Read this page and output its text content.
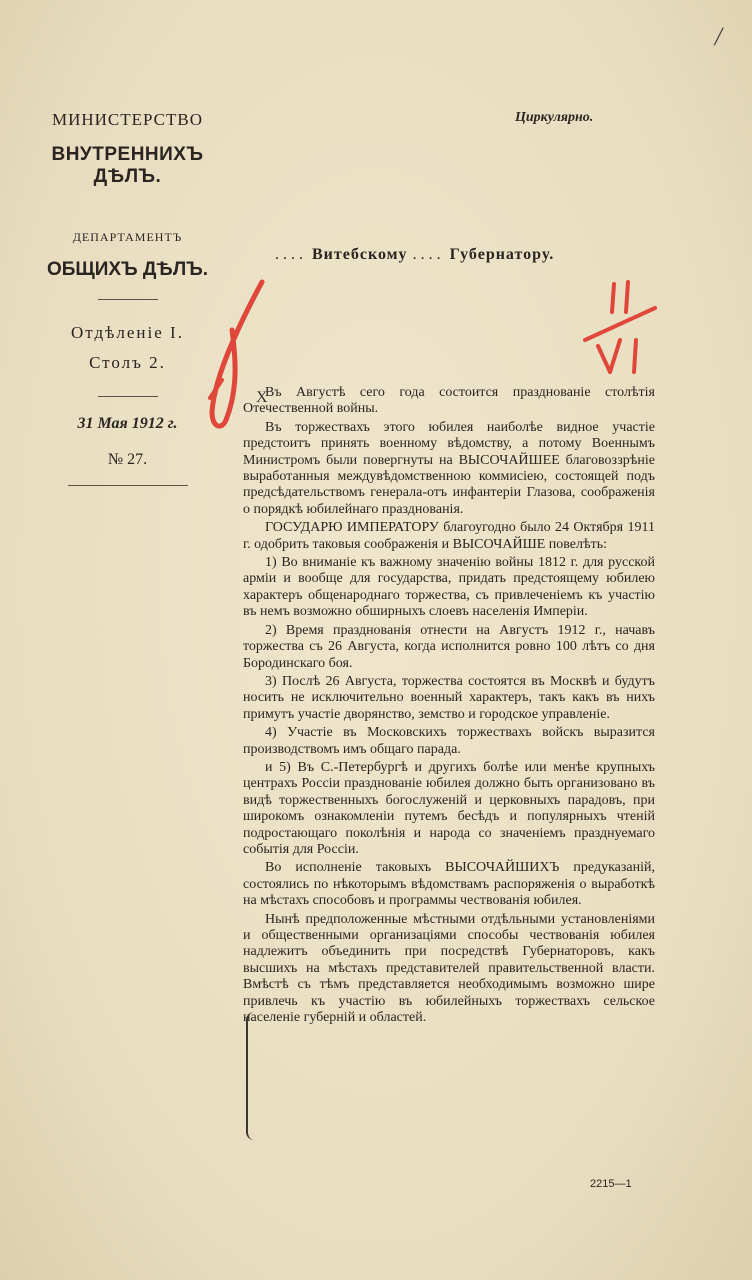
/
МИНИСТЕРСТВО
ВНУТРЕННИХЪ ДѢЛЪ.
ДЕПАРТАМЕНТЪ
ОБЩИХЪ ДѢЛЪ.
Отдѣленіе I.
Столъ 2.
31 Мая 1912 г.
№ 27.
Циркулярно.
.... Витебскому .... Губернатору.
X

Въ Августѣ сего года состоится празднованіе столѣтія Отечественной войны.

Въ торжествахъ этого юбилея наиболѣе видное участіе предстоитъ принять военному вѣдомству, а потому Военнымъ Министромъ были повергнуты на ВЫСОЧАЙШЕЕ благовоззрѣніе выработанныя междувѣдомственною коммисіею, состоящей подъ предсѣдательствомъ генерала-отъ инфантеріи Глазова, соображенія о порядкѣ юбилейнаго празднованія.

ГОСУДАРЮ ИМПЕРАТОРУ благоугодно было 24 Октября 1911 г. одобрить таковыя соображенія и ВЫСОЧАЙШЕ повелѣть:

1) Во вниманіе къ важному значенію войны 1812 г. для русской арміи и вообще для государства, придать предстоящему юбилею характеръ общенароднаго торжества, съ привлеченіемъ къ участію въ немъ возможно обширныхъ слоевъ населенія Имперіи.

2) Время празднованія отнести на Августъ 1912 г., начавъ торжества съ 26 Августа, когда исполнится ровно 100 лѣтъ со дня Бородинскаго боя.

3) Послѣ 26 Августа, торжества состоятся въ Москвѣ и будутъ носить не исключительно военный характеръ, такъ какъ въ нихъ примутъ участіе дворянство, земство и городское управленіе.

4) Участіе въ Московскихъ торжествахъ войскъ выразится производствомъ имъ общаго парада.

и 5) Въ С.-Петербургѣ и другихъ болѣе или менѣе крупныхъ центрахъ Россіи празднованіе юбилея должно быть организовано въ видѣ торжественныхъ богослуженій и церковныхъ парадовъ, при широкомъ ознакомленіи путемъ бесѣдъ и популярныхъ чтеній подростающаго поколѣнія и народа со значеніемъ празднуемаго событія для Россіи.

Во исполненіе таковыхъ ВЫСОЧАЙШИХЪ предуказаній, состоялись по нѣкоторымъ вѣдомствамъ распоряженія о выработкѣ на мѣстахъ способовъ и программы чествованія юбилея.

Нынѣ предположенные мѣстными отдѣльными установленіями и общественными организаціями способы чествованія юбилея надлежитъ объединить при посредствѣ Губернаторовъ, какъ высшихъ на мѣстахъ представителей правительственной власти. Вмѣстѣ съ тѣмъ представляется необходимымъ возможно шире привлечь къ участію въ юбилейныхъ торжествахъ сельское населеніе губерній и областей.

2215—1
